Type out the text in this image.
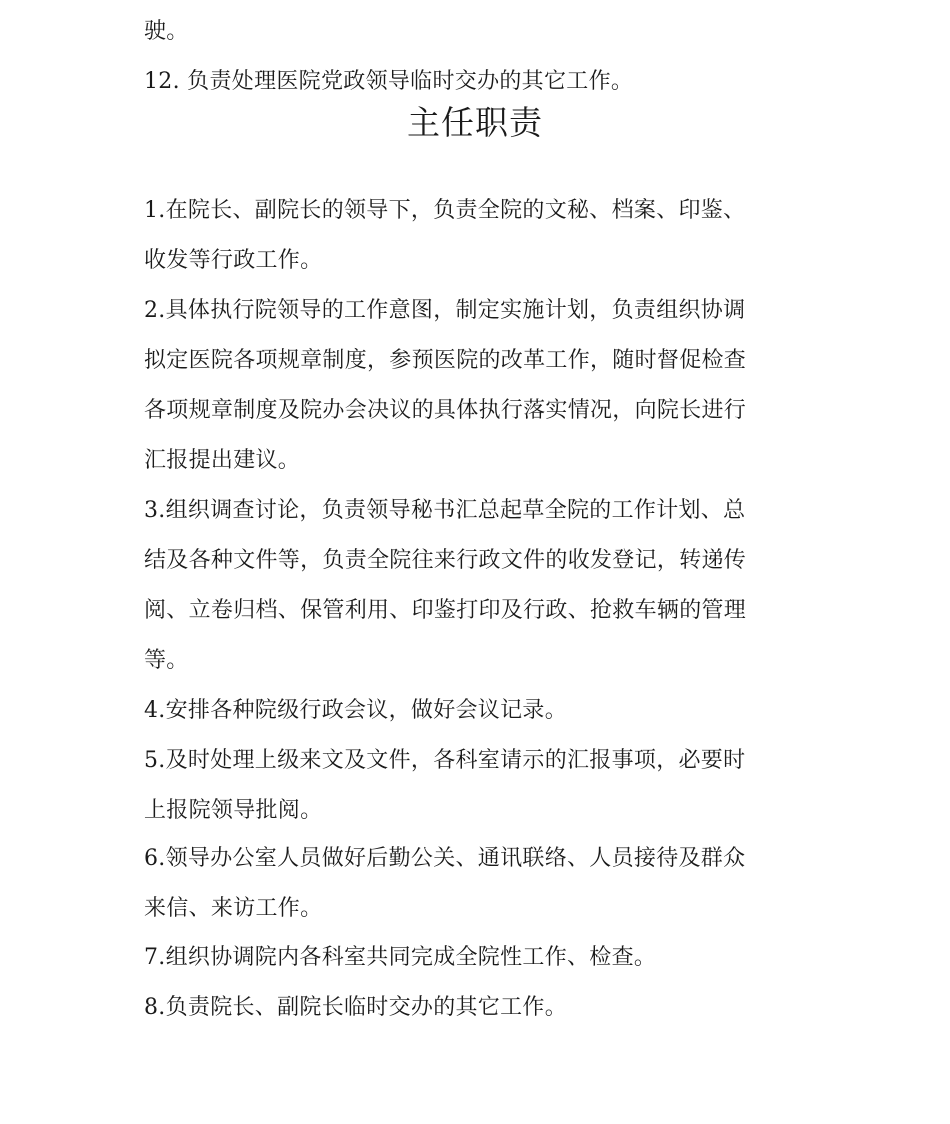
驶。
12. 负责处理医院党政领导临时交办的其它工作。
主任职责
1.在院长、副院长的领导下，负责全院的文秘、档案、印鉴、
收发等行政工作。
2.具体执行院领导的工作意图，制定实施计划，负责组织协调
拟定医院各项规章制度，参预医院的改革工作，随时督促检查
各项规章制度及院办会决议的具体执行落实情况，向院长进行
汇报提出建议。
3.组织调查讨论，负责领导秘书汇总起草全院的工作计划、总
结及各种文件等，负责全院往来行政文件的收发登记，转递传
阅、立卷归档、保管利用、印鉴打印及行政、抢救车辆的管理
等。
4.安排各种院级行政会议，做好会议记录。
5.及时处理上级来文及文件，各科室请示的汇报事项，必要时
上报院领导批阅。
6.领导办公室人员做好后勤公关、通讯联络、人员接待及群众
来信、来访工作。
7.组织协调院内各科室共同完成全院性工作、检查。
8.负责院长、副院长临时交办的其它工作。
